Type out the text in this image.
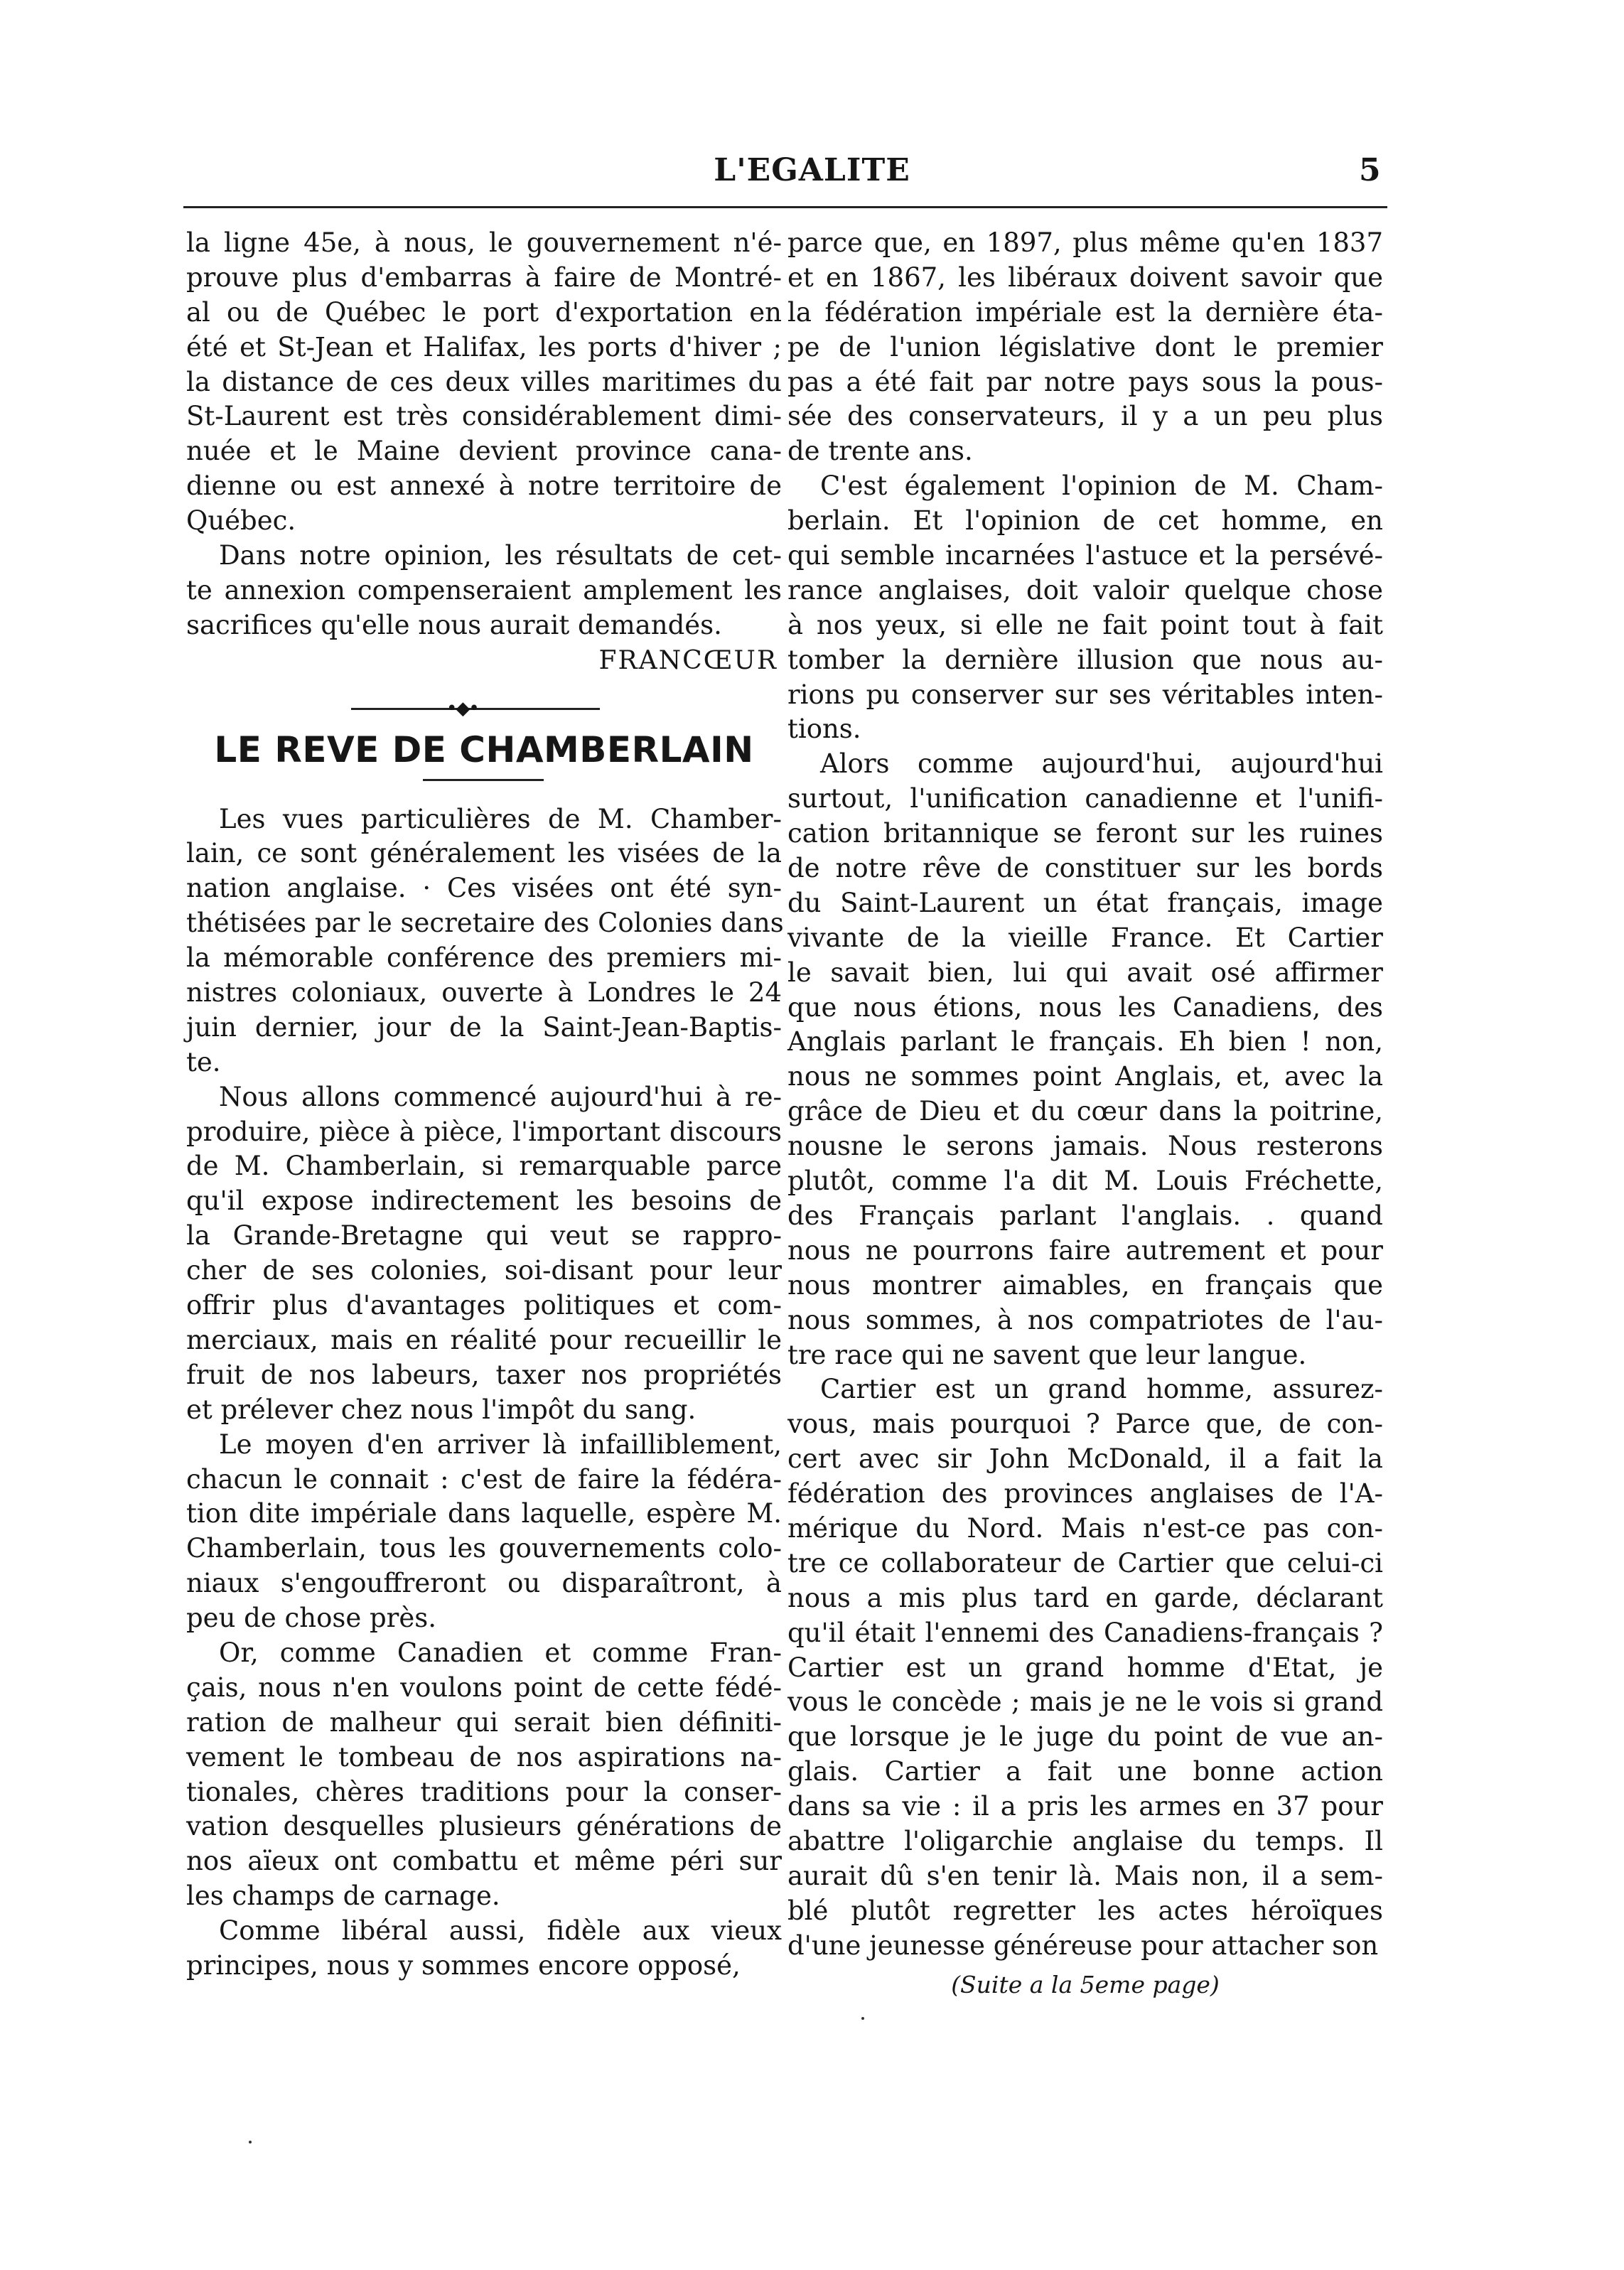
L'EGALITE	5
la ligne 45e, à nous, le gouvernement n'é-
prouve plus d'embarras à faire de Montré-
al ou de Québec le port d'exportation en
été et St-Jean et Halifax, les ports d'hiver ;
la distance de ces deux villes maritimes du
St-Laurent est très considérablement dimi-
nuée et le Maine devient province cana-
dienne ou est annexé à notre territoire de
Québec.
Dans notre opinion, les résultats de cet-
te annexion compenseraient amplement les
sacrifices qu'elle nous aurait demandés.
FRANCŒUR
•◆•
LE REVE DE CHAMBERLAIN
Les vues particulières de M. Chamber-
lain, ce sont généralement les visées de la
nation anglaise. · Ces visées ont été syn-
thétisées par le secretaire des Colonies dans
la mémorable conférence des premiers mi-
nistres coloniaux, ouverte à Londres le 24
juin dernier, jour de la Saint-Jean-Baptis-
te.
Nous allons commencé aujourd'hui à re-
produire, pièce à pièce, l'important discours
de M. Chamberlain, si remarquable parce
qu'il expose indirectement les besoins de
la Grande-Bretagne qui veut se rappro-
cher de ses colonies, soi-disant pour leur
offrir plus d'avantages politiques et com-
merciaux, mais en réalité pour recueillir le
fruit de nos labeurs, taxer nos propriétés
et prélever chez nous l'impôt du sang.
Le moyen d'en arriver là infailliblement,
chacun le connait : c'est de faire la fédéra-
tion dite impériale dans laquelle, espère M.
Chamberlain, tous les gouvernements colo-
niaux s'engouffreront ou disparaîtront, à
peu de chose près.
Or, comme Canadien et comme Fran-
çais, nous n'en voulons point de cette fédé-
ration de malheur qui serait bien définiti-
vement le tombeau de nos aspirations na-
tionales, chères traditions pour la conser-
vation desquelles plusieurs générations de
nos aïeux ont combattu et même péri sur
les champs de carnage.
Comme libéral aussi, fidèle aux vieux
principes, nous y sommes encore opposé,
parce que, en 1897, plus même qu'en 1837
et en 1867, les libéraux doivent savoir que
la fédération impériale est la dernière éta-
pe de l'union législative dont le premier
pas a été fait par notre pays sous la pous-
sée des conservateurs, il y a un peu plus
de trente ans.
C'est également l'opinion de M. Cham-
berlain. Et l'opinion de cet homme, en
qui semble incarnées l'astuce et la persévé-
rance anglaises, doit valoir quelque chose
à nos yeux, si elle ne fait point tout à fait
tomber la dernière illusion que nous au-
rions pu conserver sur ses véritables inten-
tions.
Alors comme aujourd'hui, aujourd'hui
surtout, l'unification canadienne et l'unifi-
cation britannique se feront sur les ruines
de notre rêve de constituer sur les bords
du Saint-Laurent un état français, image
vivante de la vieille France. Et Cartier
le savait bien, lui qui avait osé affirmer
que nous étions, nous les Canadiens, des
Anglais parlant le français. Eh bien ! non,
nous ne sommes point Anglais, et, avec la
grâce de Dieu et du cœur dans la poitrine,
nousne le serons jamais. Nous resterons
plutôt, comme l'a dit M. Louis Fréchette,
des Français parlant l'anglais. . quand
nous ne pourrons faire autrement et pour
nous montrer aimables, en français que
nous sommes, à nos compatriotes de l'au-
tre race qui ne savent que leur langue.
Cartier est un grand homme, assurez-
vous, mais pourquoi ? Parce que, de con-
cert avec sir John McDonald, il a fait la
fédération des provinces anglaises de l'A-
mérique du Nord. Mais n'est-ce pas con-
tre ce collaborateur de Cartier que celui-ci
nous a mis plus tard en garde, déclarant
qu'il était l'ennemi des Canadiens-français ?
Cartier est un grand homme d'Etat, je
vous le concède ; mais je ne le vois si grand
que lorsque je le juge du point de vue an-
glais. Cartier a fait une bonne action
dans sa vie : il a pris les armes en 37 pour
abattre l'oligarchie anglaise du temps. Il
aurait dû s'en tenir là. Mais non, il a sem-
blé plutôt regretter les actes héroïques
d'une jeunesse généreuse pour attacher son
(Suite a la 5eme page)
